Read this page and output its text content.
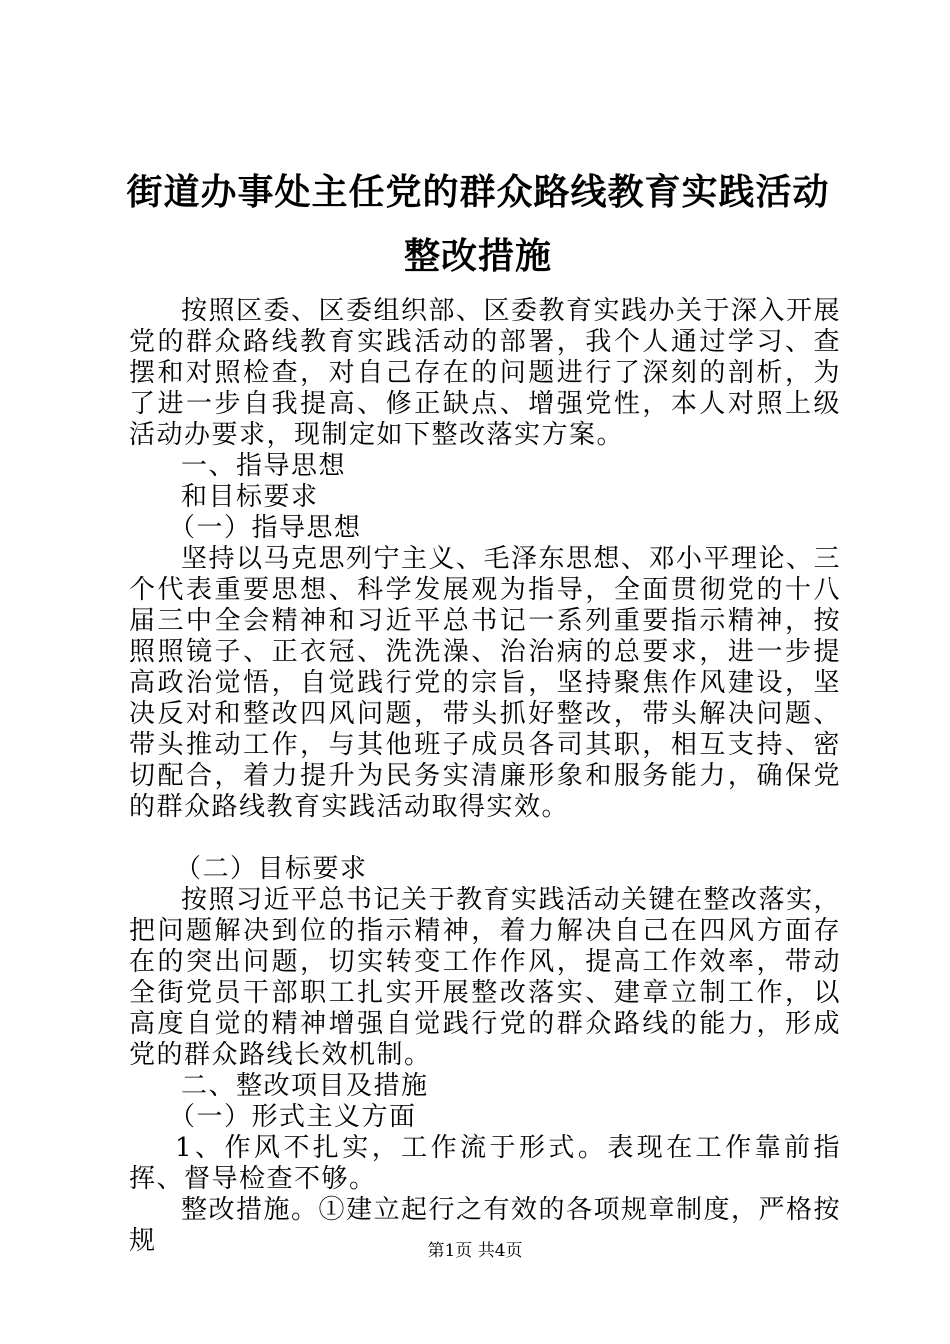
街道办事处主任党的群众路线教育实践活动整改措施

按照区委、区委组织部、区委教育实践办关于深入开展党的群众路线教育实践活动的部署，我个人通过学习、查摆和对照检查，对自己存在的问题进行了深刻的剖析，为了进一步自我提高、修正缺点、增强党性，本人对照上级活动办要求，现制定如下整改落实方案。

一、指导思想

和目标要求

（一）指导思想

坚持以马克思列宁主义、毛泽东思想、邓小平理论、三个代表重要思想、科学发展观为指导，全面贯彻党的十八届三中全会精神和习近平总书记一系列重要指示精神，按照照镜子、正衣冠、洗洗澡、治治病的总要求，进一步提高政治觉悟，自觉践行党的宗旨，坚持聚焦作风建设，坚决反对和整改四风问题，带头抓好整改，带头解决问题、带头推动工作，与其他班子成员各司其职，相互支持、密切配合，着力提升为民务实清廉形象和服务能力，确保党的群众路线教育实践活动取得实效。

（二）目标要求

按照习近平总书记关于教育实践活动关键在整改落实，把问题解决到位的指示精神，着力解决自己在四风方面存在的突出问题，切实转变工作作风，提高工作效率，带动全街党员干部职工扎实开展整改落实、建章立制工作，以高度自觉的精神增强自觉践行党的群众路线的能力，形成党的群众路线长效机制。

二、整改项目及措施

（一）形式主义方面

1、作风不扎实，工作流于形式。表现在工作靠前指挥、督导检查不够。

整改措施。①建立起行之有效的各项规章制度，严格按规	第1页 共4页
